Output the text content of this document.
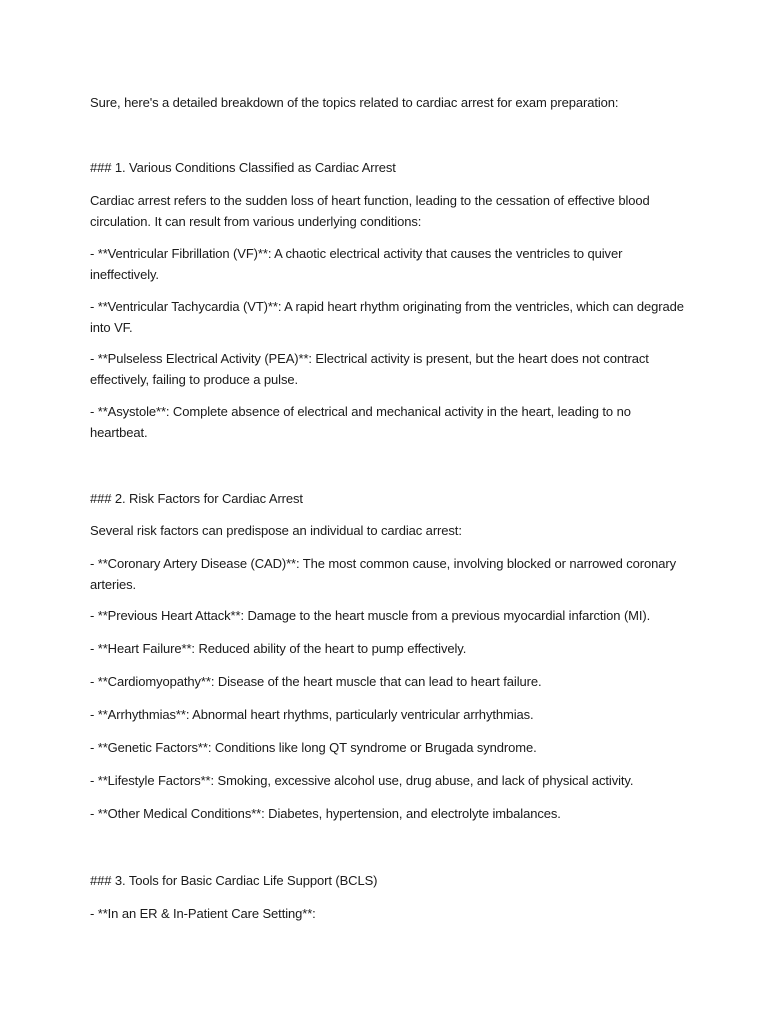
Sure, here's a detailed breakdown of the topics related to cardiac arrest for exam preparation:

### 1. Various Conditions Classified as Cardiac Arrest

Cardiac arrest refers to the sudden loss of heart function, leading to the cessation of effective blood circulation. It can result from various underlying conditions:

- **Ventricular Fibrillation (VF)**: A chaotic electrical activity that causes the ventricles to quiver ineffectively.

- **Ventricular Tachycardia (VT)**: A rapid heart rhythm originating from the ventricles, which can degrade into VF.

- **Pulseless Electrical Activity (PEA)**: Electrical activity is present, but the heart does not contract effectively, failing to produce a pulse.

- **Asystole**: Complete absence of electrical and mechanical activity in the heart, leading to no heartbeat.

### 2. Risk Factors for Cardiac Arrest

Several risk factors can predispose an individual to cardiac arrest:

- **Coronary Artery Disease (CAD)**: The most common cause, involving blocked or narrowed coronary arteries.

- **Previous Heart Attack**: Damage to the heart muscle from a previous myocardial infarction (MI).

- **Heart Failure**: Reduced ability of the heart to pump effectively.

- **Cardiomyopathy**: Disease of the heart muscle that can lead to heart failure.

- **Arrhythmias**: Abnormal heart rhythms, particularly ventricular arrhythmias.

- **Genetic Factors**: Conditions like long QT syndrome or Brugada syndrome.

- **Lifestyle Factors**: Smoking, excessive alcohol use, drug abuse, and lack of physical activity.

- **Other Medical Conditions**: Diabetes, hypertension, and electrolyte imbalances.

### 3. Tools for Basic Cardiac Life Support (BCLS)

- **In an ER & In-Patient Care Setting**:
